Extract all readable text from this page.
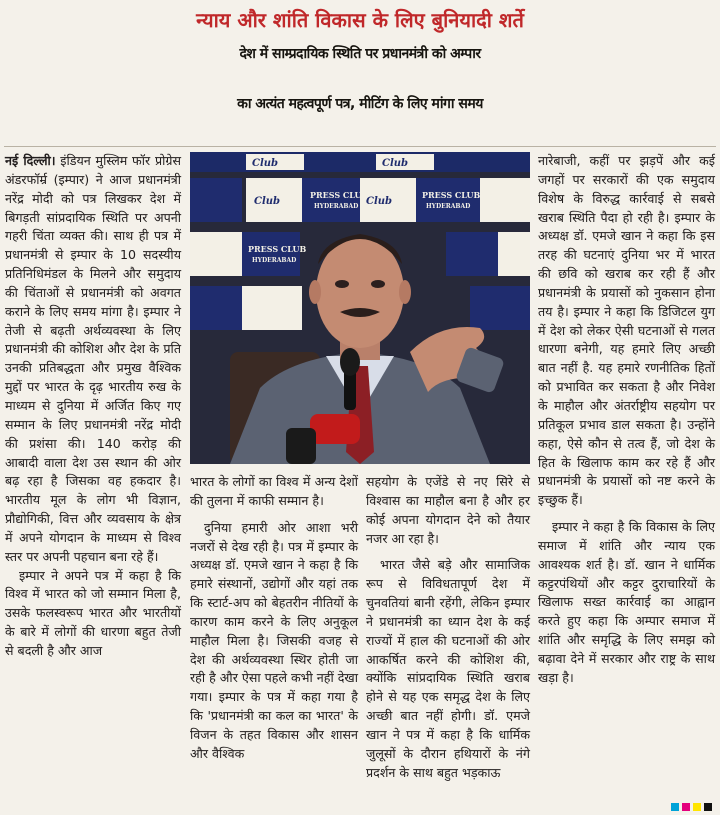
न्याय और शांति विकास के लिए बुनियादी शर्ते
देश में साम्प्रदायिक स्थिति पर प्रधानमंत्री को अम्पार
का अत्यंत महत्वपूर्ण पत्र, मीटिंग के लिए मांगा समय

नई दिल्ली। इंडियन मुस्लिम फॉर प्रोग्रेस अंडरफॉर्म्र (इम्पार) ने आज प्रधानमंत्री नरेंद्र मोदी को पत्र लिखकर देश में बिगड़ती सांप्रदायिक स्थिति पर अपनी गहरी चिंता व्यक्त की। साथ ही पत्र में प्रधानमंत्री से इम्पार के 10 सदस्यीय प्रतिनिधिमंडल के मिलने और समुदाय की चिंताओं से प्रधानमंत्री को अवगत कराने के लिए समय मांगा है। इम्पार ने तेजी से बढ़ती अर्थव्यवस्था के लिए प्रधानमंत्री की कोशिश और देश के प्रति उनकी प्रतिबद्धता और प्रमुख वैश्विक मुद्दों पर भारत के दृढ़ भारतीय रुख के माध्यम से दुनिया में अर्जित किए गए सम्मान के लिए प्रधानमंत्री नरेंद्र मोदी की प्रशंसा की। 140 करोड़ की आबादी वाला देश उस स्थान की ओर बढ़ रहा है जिसका वह हकदार है। भारतीय मूल के लोग भी विज्ञान, प्रौद्योगिकी, वित्त और व्यवसाय के क्षेत्र में अपने योगदान के माध्यम से विश्व स्तर पर अपनी पहचान बना रहे हैं।

इम्पार ने अपने पत्र में कहा है कि विश्व में भारत को जो सम्मान मिला है, उसके फलस्वरूप भारत और भारतीयों के बारे में लोगों की धारणा बहुत तेजी से बदली है और आज

PRESS CLUB
HYDERABAD
PRESS CLUB
HYDERABAD
PRESS CLUB
HYDERABAD
Club	Club
Club	Club

भारत के लोगों का विश्व में अन्य देशों की तुलना में काफी सम्मान है।

दुनिया हमारी ओर आशा भरी नजरों से देख रही है। पत्र में इम्पार के अध्यक्ष डॉ. एमजे खान ने कहा है कि हमारे संस्थानों, उद्योगों और यहां तक कि स्टार्ट-अप को बेहतरीन नीतियों के कारण काम करने के लिए अनुकूल माहौल मिला है। जिसकी वजह से देश की अर्थव्यवस्था स्थिर होती जा रही है और ऐसा पहले कभी नहीं देखा गया। इम्पार के पत्र में कहा गया है कि 'प्रधानमंत्री का कल का भारत' के विजन के तहत विकास और शासन और वैश्विक

सहयोग के एजेंडे से नए सिरे से विश्वास का माहौल बना है और हर कोई अपना योगदान देने को तैयार नजर आ रहा है।

भारत जैसे बड़े और सामाजिक रूप से विविधतापूर्ण देश में चुनवतियां बानी रहेंगी, लेकिन इम्पार ने प्रधानमंत्री का ध्यान देश के कई राज्यों में हाल की घटनाओं की ओर आकर्षित करने की कोशिश की, क्योंकि सांप्रदायिक स्थिति खराब होने से यह एक समृद्ध देश के लिए अच्छी बात नहीं होगी। डॉ. एमजे खान ने पत्र में कहा है कि धार्मिक जुलूसों के दौरान हथियारों के नंगे प्रदर्शन के साथ बहुत भड़काऊ

नारेबाजी, कहीं पर झड़पें और कई जगहों पर सरकारों की एक समुदाय विशेष के विरुद्ध कार्रवाई से सबसे खराब स्थिति पैदा हो रही है। इम्पार के अध्यक्ष डॉ. एमजे खान ने कहा कि इस तरह की घटनाएं दुनिया भर में भारत की छवि को खराब कर रही हैं और प्रधानमंत्री के प्रयासों को नुकसान होना तय है। इम्पार ने कहा कि डिजिटल युग में देश को लेकर ऐसी घटनाओं से गलत धारणा बनेगी, यह हमारे लिए अच्छी बात नहीं है. यह हमारे रणनीतिक हितों को प्रभावित कर सकता है और निवेश के माहौल और अंतर्राष्ट्रीय सहयोग पर प्रतिकूल प्रभाव डाल सकता है। उन्होंने कहा, ऐसे कौन से तत्व हैं, जो देश के हित के खिलाफ काम कर रहे हैं और प्रधानमंत्री के प्रयासों को नष्ट करने के इच्छुक हैं।

इम्पार ने कहा है कि विकास के लिए समाज में शांति और न्याय एक आवश्यक शर्त है। डॉ. खान ने धार्मिक कट्टरपंथियों और कट्टर दुराचारियों के खिलाफ सख्त कार्रवाई का आह्वान करते हुए कहा कि अम्पार समाज में शांति और समृद्धि के लिए समझ को बढ़ावा देने में सरकार और राष्ट्र के साथ खड़ा है।
